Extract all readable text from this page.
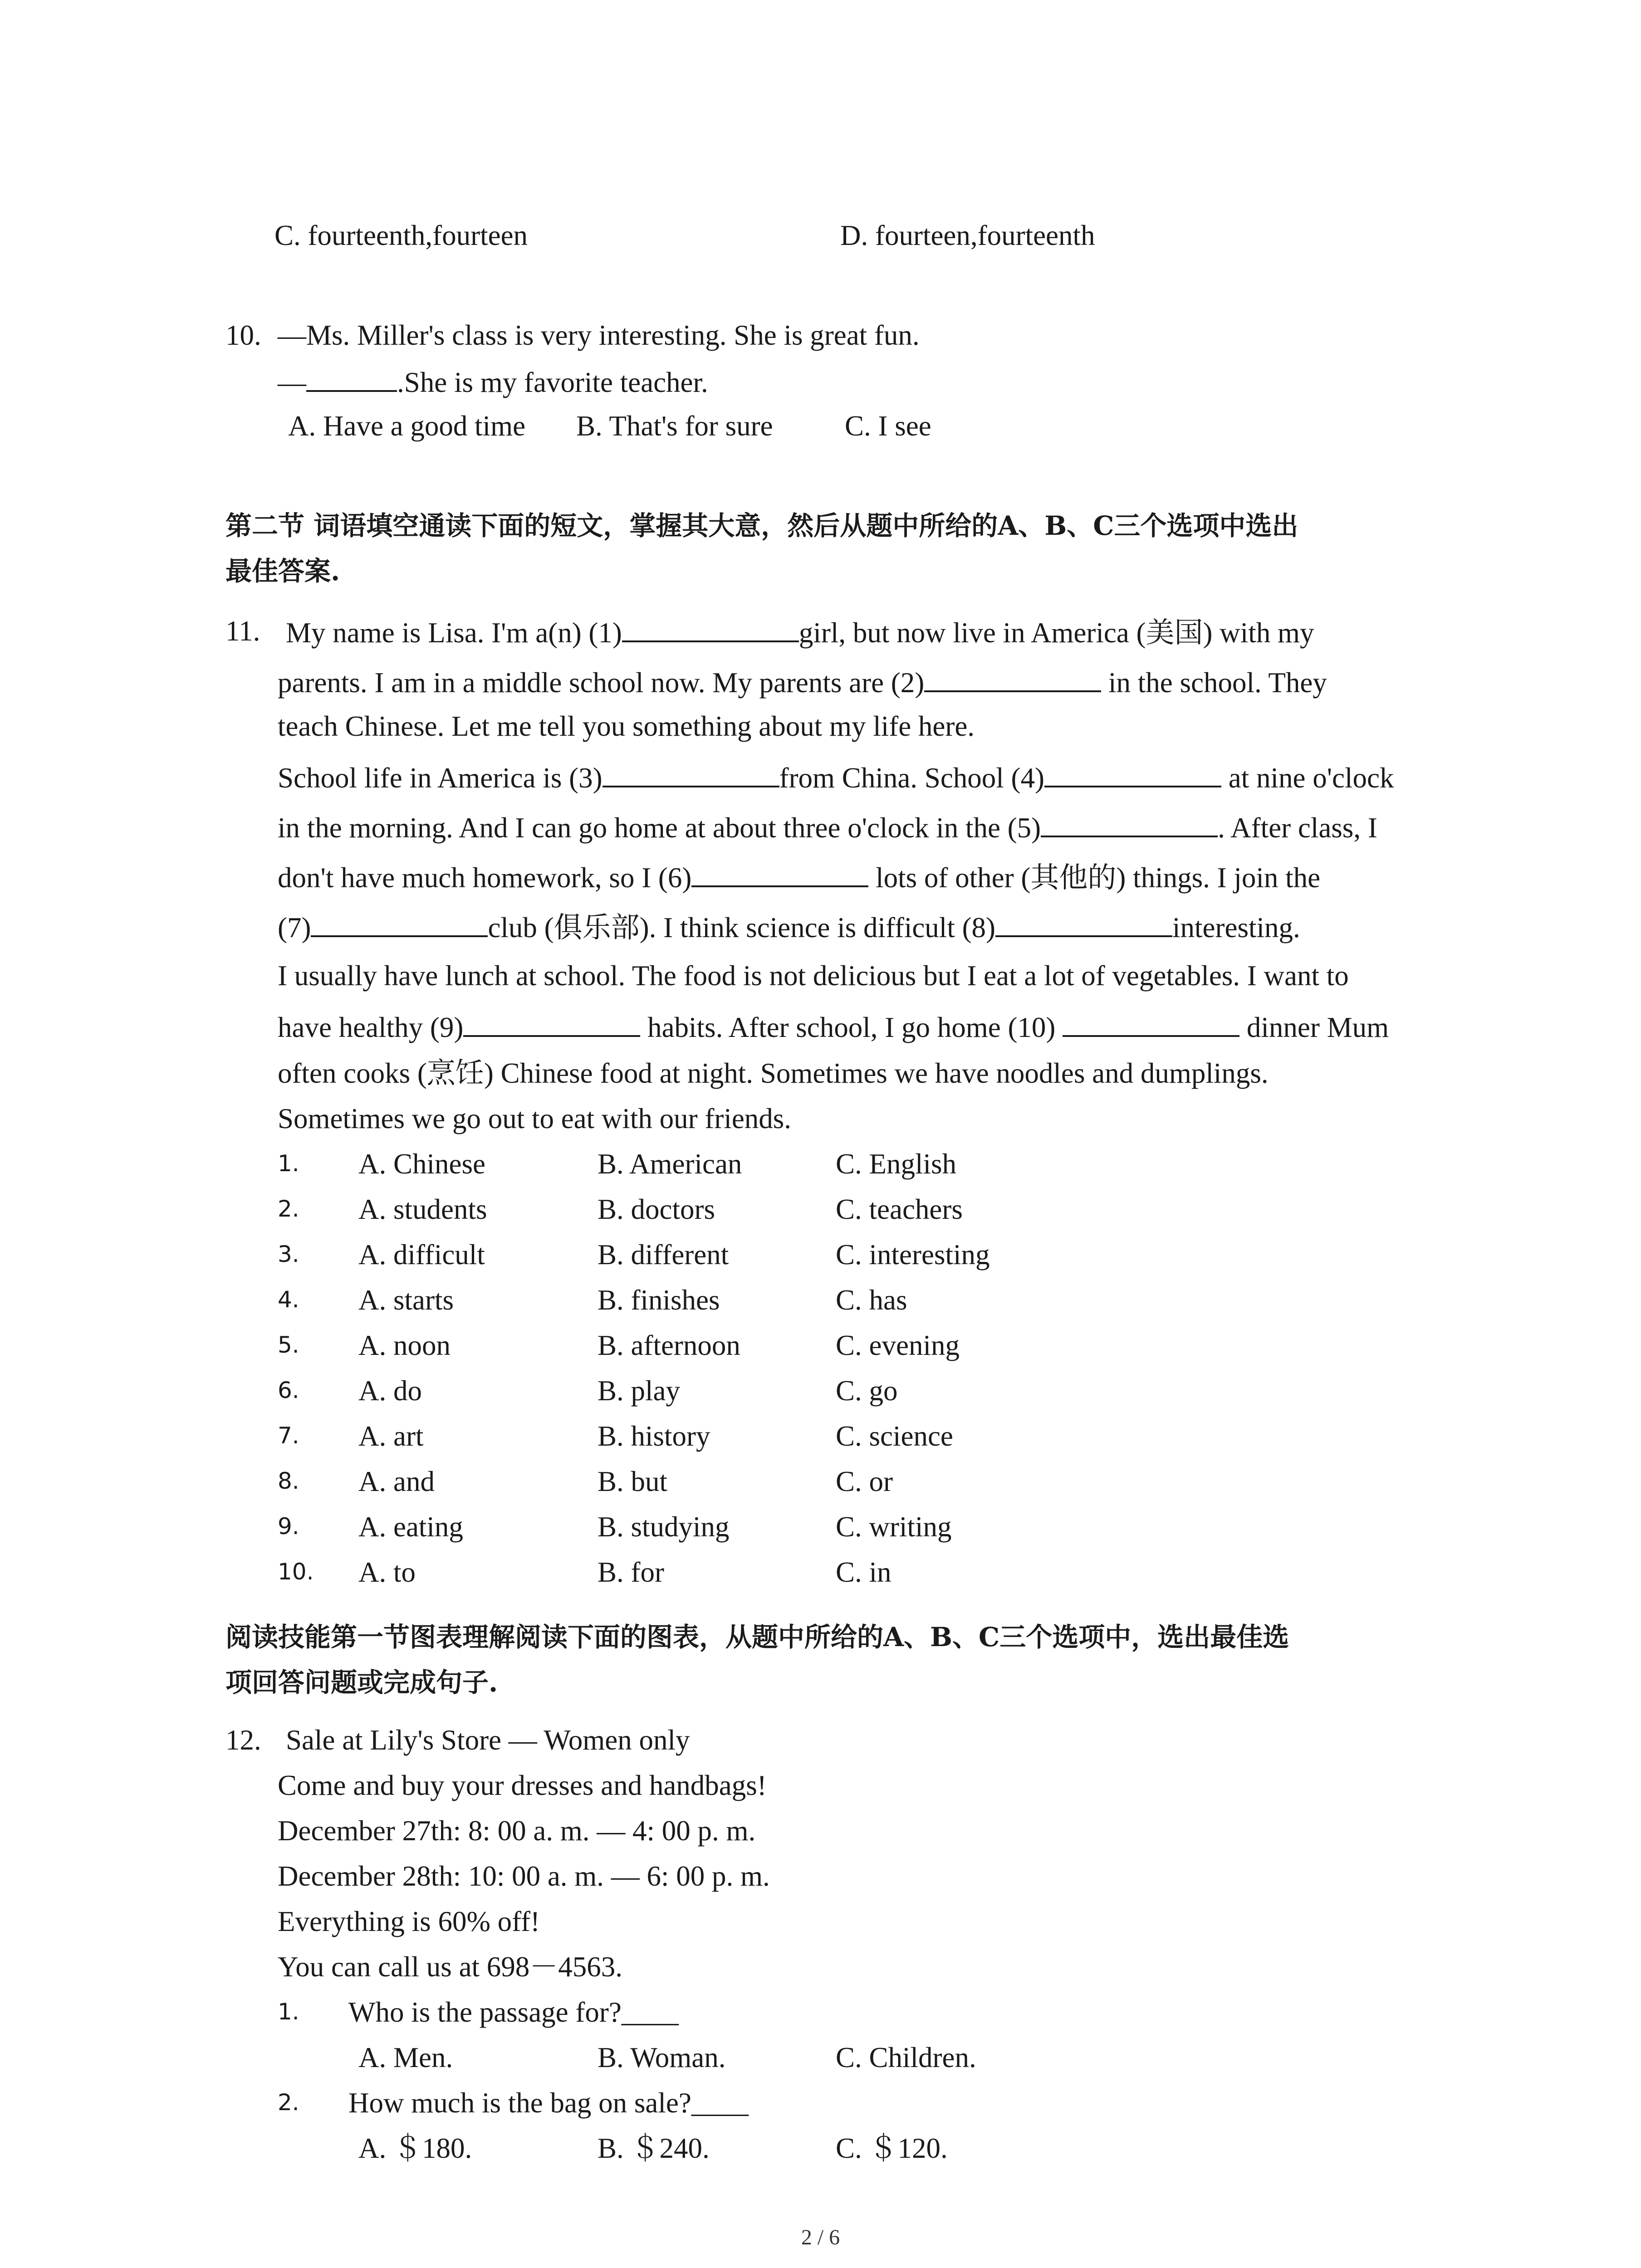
C. fourteenth,fourteen	D. fourteen,fourteenth
10. —Ms. Miller's class is very interesting. She is great fun.
—	.She is my favorite teacher.
A. Have a good time B. That's for sure	C. I see
第二节 词语填空通读下面的短文，掌握其大意，然后从题中所给的A、B、C三个选项中选出
最佳答案.
11. My name is Lisa. I'm a(n) (1)	girl, but now live in America (美国) with my
parents. I am in a middle school now. My parents are (2)	in the school. They
teach Chinese. Let me tell you something about my life here.
School life in America is (3)	from China. School (4)	at nine o'clock
in the morning. And I can go home at about three o'clock in the (5)	. After class, I
don't have much homework, so I (6)	lots of other (其他的) things. I join the
(7)	club (俱乐部). I think science is difficult (8)	interesting.
I usually have lunch at school. The food is not delicious but I eat a lot of vegetables. I want to
have healthy (9)	habits. After school, I go home (10)	dinner Mum
often cooks (烹饪) Chinese food at night. Sometimes we have noodles and dumplings.
Sometimes we go out to eat with our friends.
1. A. Chinese	B. American	C. English
2. A. students	B. doctors	C. teachers
3. A. difficult	B. different	C. interesting
4. A. starts	B. finishes	C. has
5. A. noon	B. afternoon	C. evening
6. A. do	B. play	C. go
7. A. art	B. history	C. science
8. A. and	B. but	C. or
9. A. eating	B. studying	C. writing
10. A. to	B. for	C. in
阅读技能第一节图表理解阅读下面的图表，从题中所给的A、B、C三个选项中，选出最佳选
项回答问题或完成句子.
12. Sale at Lily's Store — Women only
Come and buy your dresses and handbags!
December 27th: 8: 00 a. m. — 4: 00 p. m.
December 28th: 10: 00 a. m. — 6: 00 p. m.
Everything is 60% off!
You can call us at 698－4563.
1. Who is the passage for?____
A. Men.	B. Woman.	C. Children.
2. How much is the bag on sale?____
A. ＄180.	B. ＄240.	C. ＄120.
2 / 6
